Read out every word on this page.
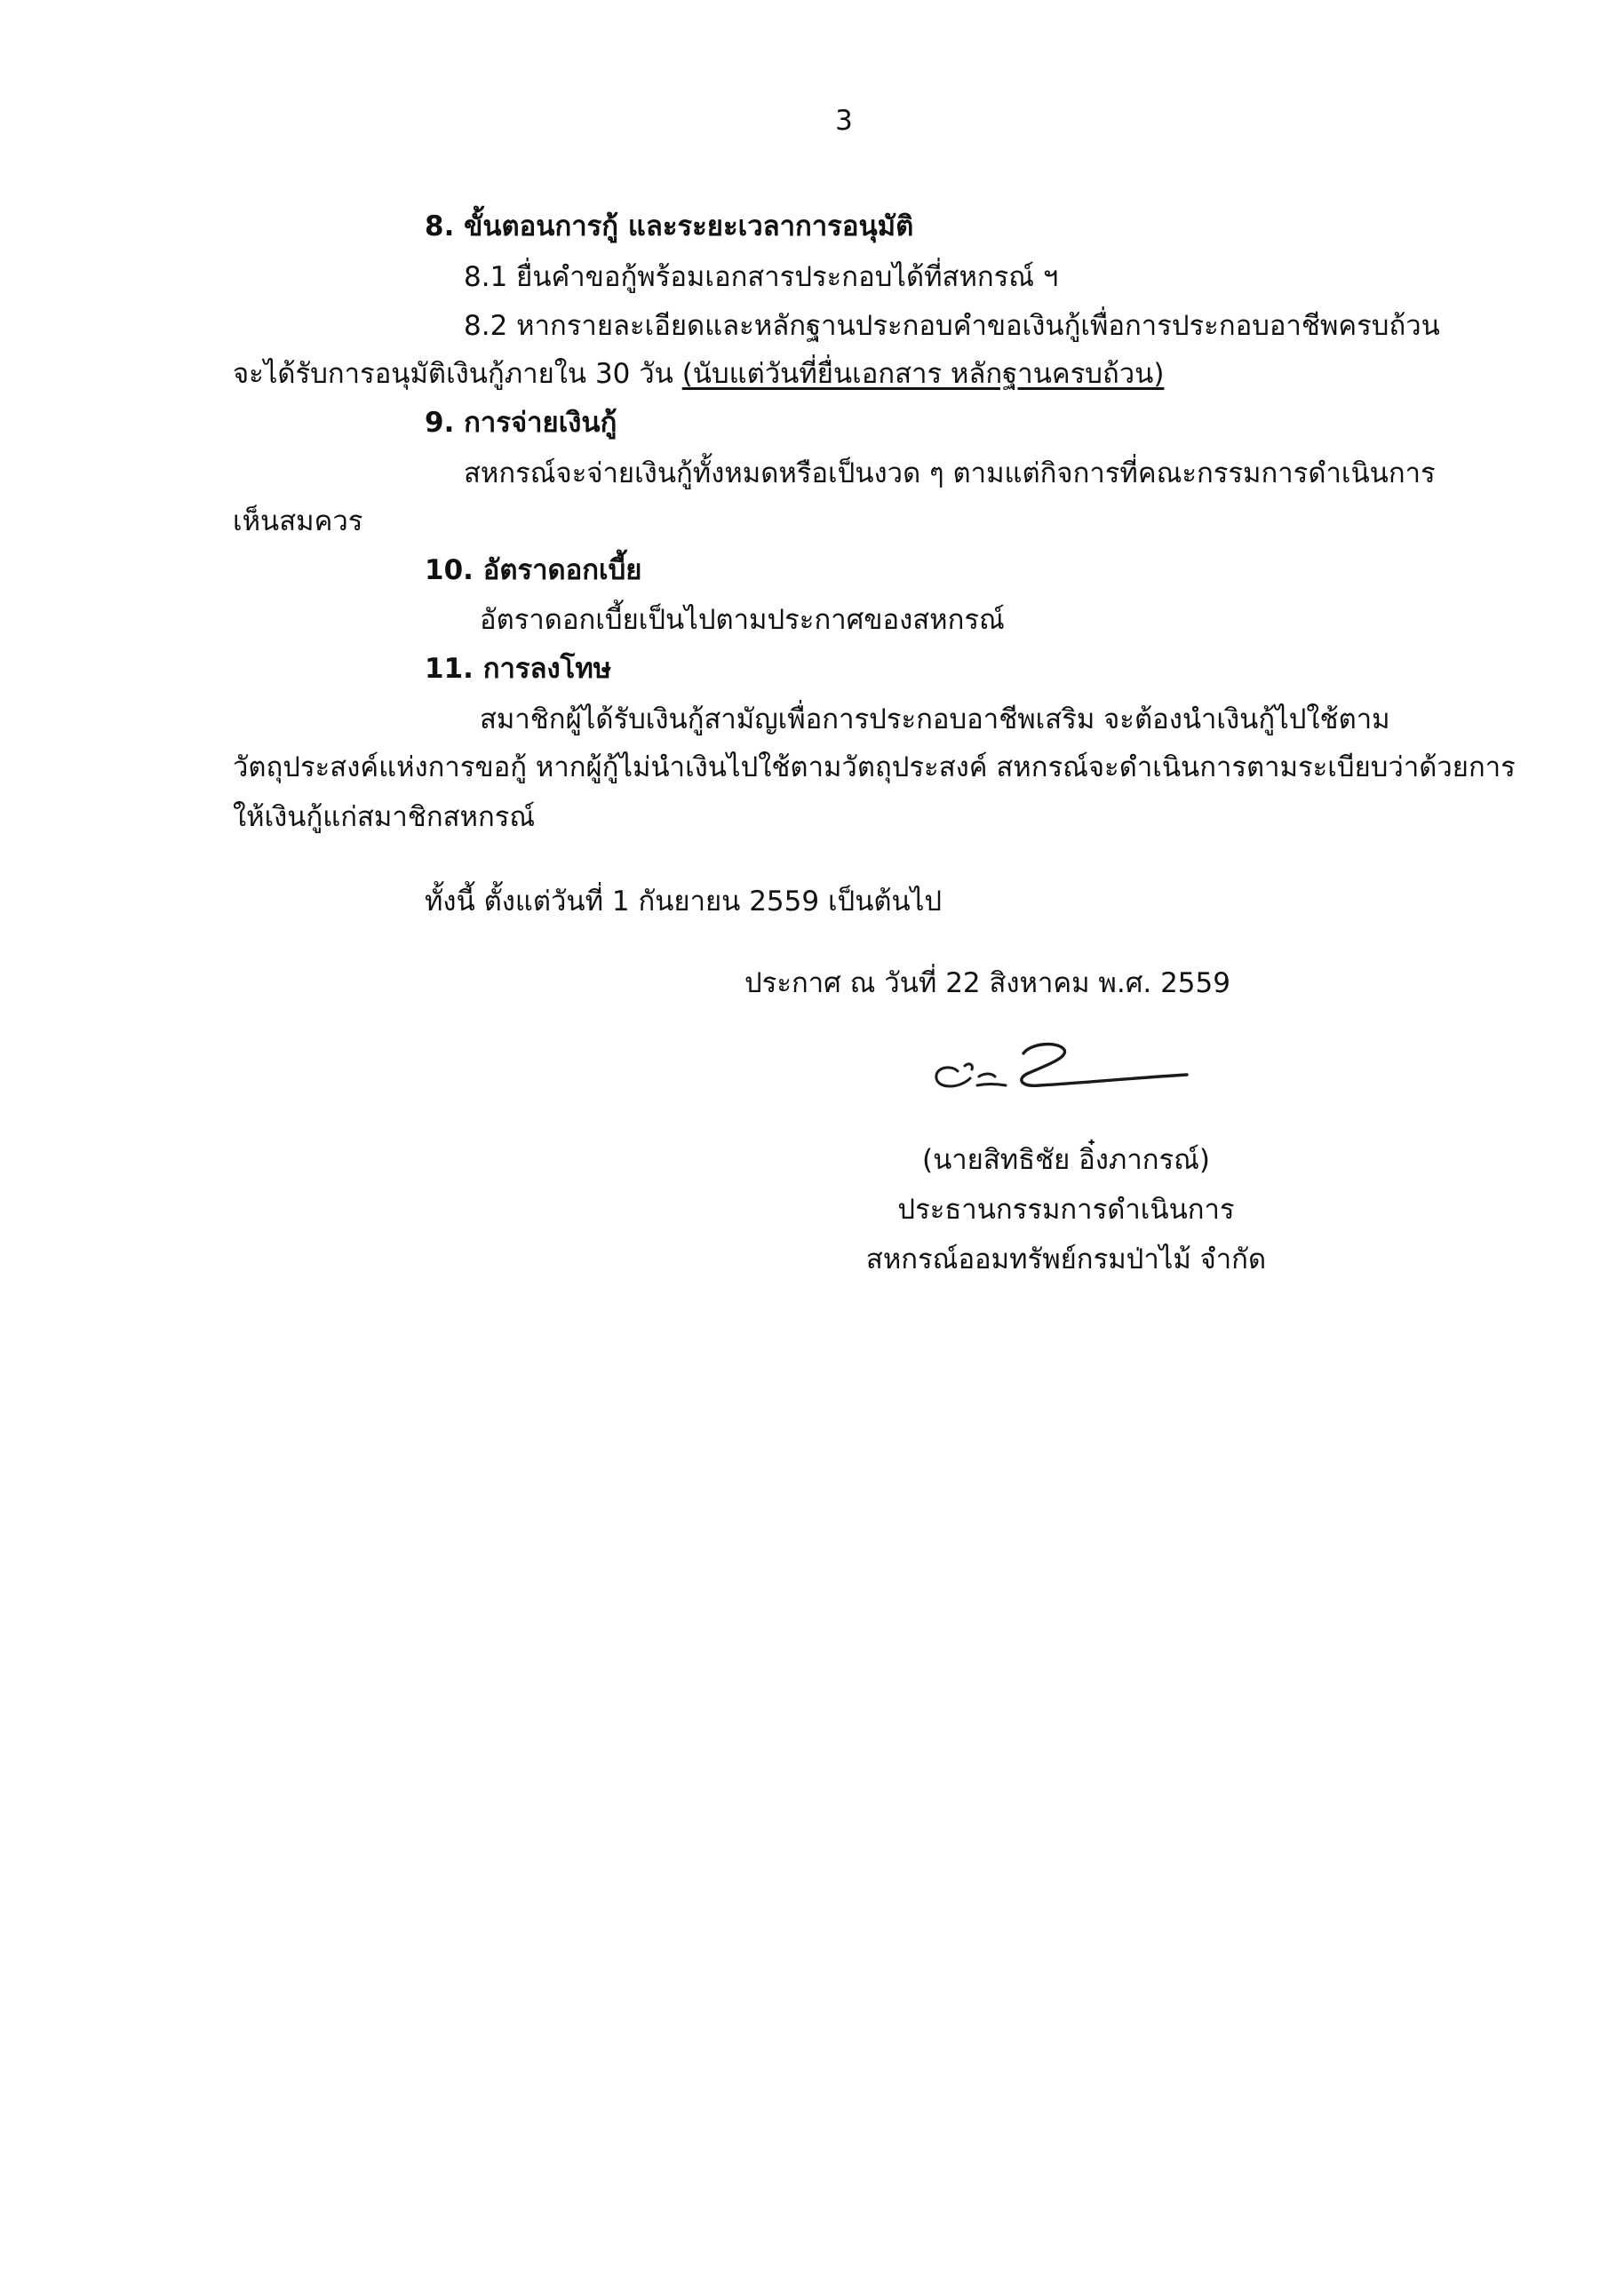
3
8. ขั้นตอนการกู้ และระยะเวลาการอนุมัติ
8.1 ยื่นคำขอกู้พร้อมเอกสารประกอบได้ที่สหกรณ์ ฯ
8.2 หากรายละเอียดและหลักฐานประกอบคำขอเงินกู้เพื่อการประกอบอาชีพครบถ้วน
จะได้รับการอนุมัติเงินกู้ภายใน 30 วัน (นับแต่วันที่ยื่นเอกสาร หลักฐานครบถ้วน)
9. การจ่ายเงินกู้
สหกรณ์จะจ่ายเงินกู้ทั้งหมดหรือเป็นงวด ๆ ตามแต่กิจการที่คณะกรรมการดำเนินการ
เห็นสมควร
10. อัตราดอกเบี้ย
อัตราดอกเบี้ยเป็นไปตามประกาศของสหกรณ์
11. การลงโทษ
สมาชิกผู้ได้รับเงินกู้สามัญเพื่อการประกอบอาชีพเสริม จะต้องนำเงินกู้ไปใช้ตาม
วัตถุประสงค์แห่งการขอกู้ หากผู้กู้ไม่นำเงินไปใช้ตามวัตถุประสงค์ สหกรณ์จะดำเนินการตามระเบียบว่าด้วยการ
ให้เงินกู้แก่สมาชิกสหกรณ์
ทั้งนี้ ตั้งแต่วันที่ 1 กันยายน 2559 เป็นต้นไป
ประกาศ ณ วันที่ 22 สิงหาคม พ.ศ. 2559
(นายสิทธิชัย อิ๋งภากรณ์)
ประธานกรรมการดำเนินการ
สหกรณ์ออมทรัพย์กรมป่าไม้ จำกัด
